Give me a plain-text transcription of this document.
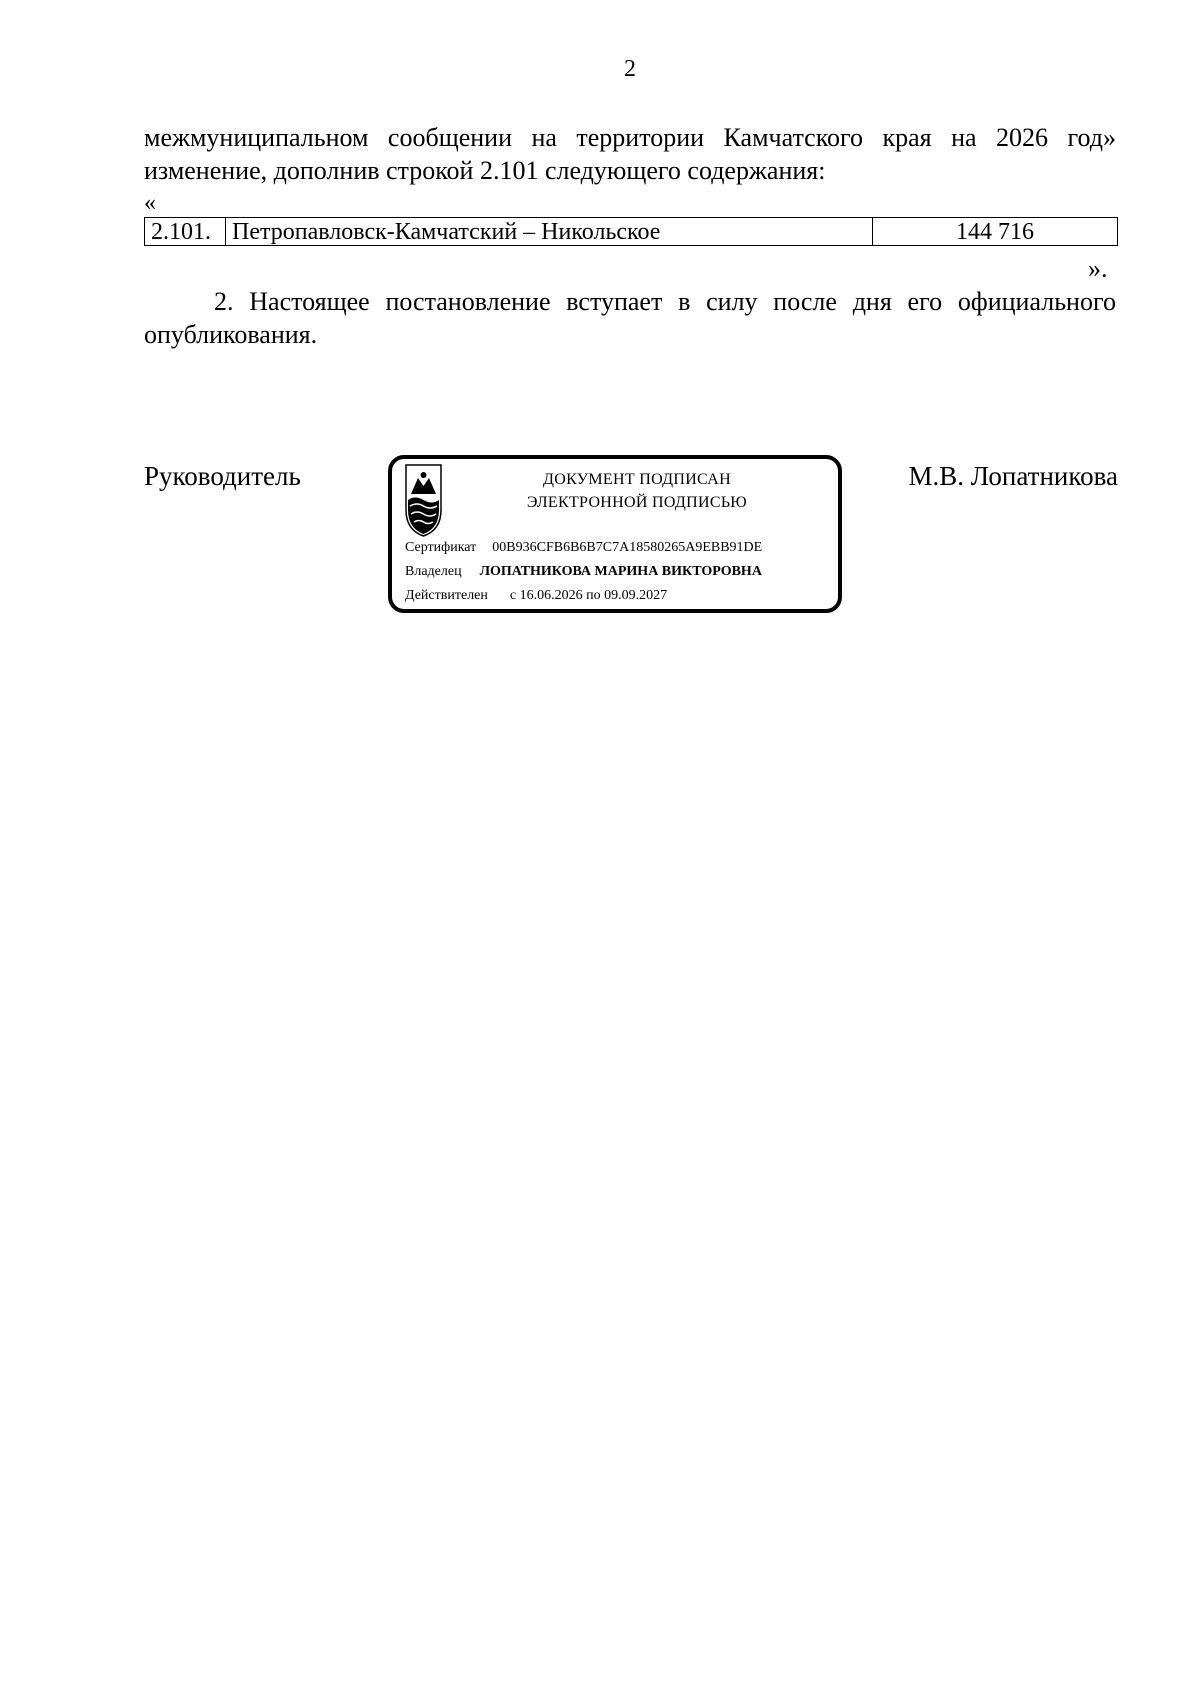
2
межмуниципальном сообщении на территории Камчатского края на 2026 год»
изменение, дополнив строкой 2.101 следующего содержания:
«
2.101.	Петропавловск-Камчатский – Никольское	144 716
».
2. Настоящее постановление вступает в силу после дня его официального
опубликования.
Руководитель	ДОКУМЕНТ ПОДПИСАН
ЭЛЕКТРОННОЙ ПОДПИСЬЮ
Сертификат 00B936CFB6B6B7C7A18580265A9EBB91DE
Владелец ЛОПАТНИКОВА МАРИНА ВИКТОРОВНА
Действителен с 16.06.2026 по 09.09.2027
М.В. Лопатникова
